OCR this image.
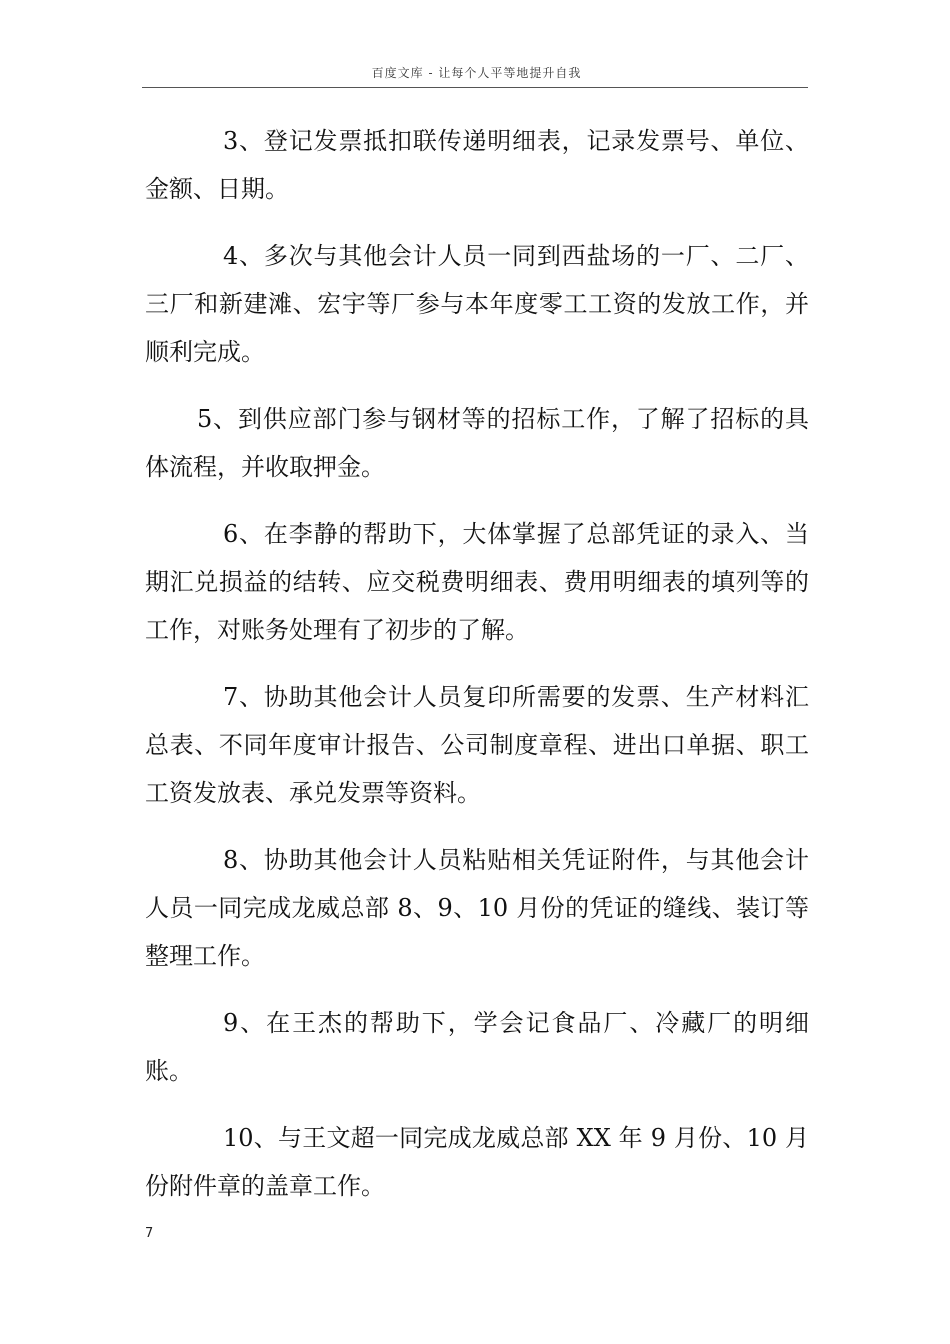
百度文库 - 让每个人平等地提升自我

3、登记发票抵扣联传递明细表，记录发票号、单位、金额、日期。

4、多次与其他会计人员一同到西盐场的一厂、二厂、三厂和新建滩、宏宇等厂参与本年度零工工资的发放工作，并顺利完成。

5、到供应部门参与钢材等的招标工作，了解了招标的具体流程，并收取押金。

6、在李静的帮助下，大体掌握了总部凭证的录入、当期汇兑损益的结转、应交税费明细表、费用明细表的填列等的工作，对账务处理有了初步的了解。

7、协助其他会计人员复印所需要的发票、生产材料汇总表、不同年度审计报告、公司制度章程、进出口单据、职工工资发放表、承兑发票等资料。

8、协助其他会计人员粘贴相关凭证附件，与其他会计人员一同完成龙威总部 8、9、10 月份的凭证的缝线、装订等整理工作。

9、在王杰的帮助下，学会记食品厂、冷藏厂的明细账。

10、与王文超一同完成龙威总部 XX 年 9 月份、10 月份附件章的盖章工作。

7
